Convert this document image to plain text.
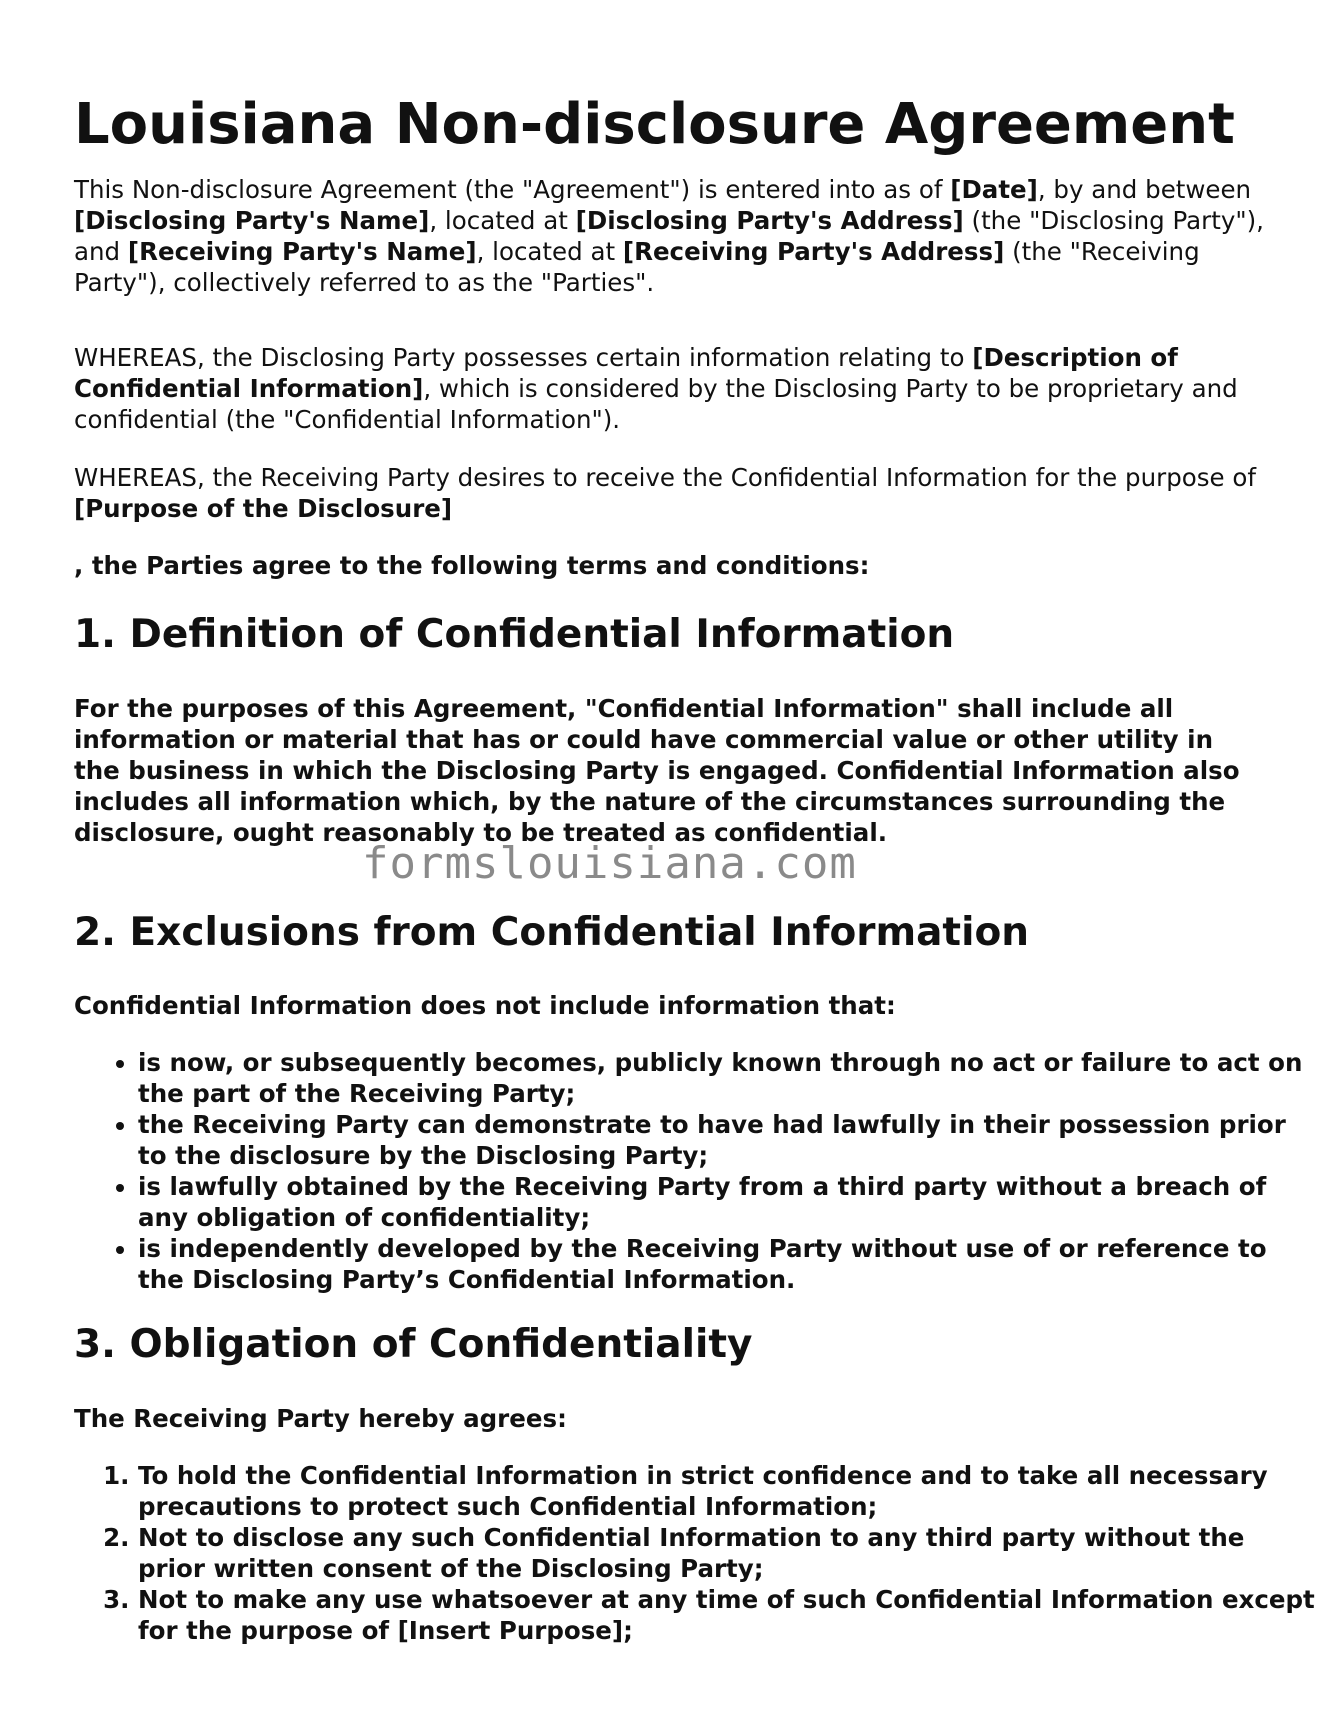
Louisiana Non-disclosure Agreement

This Non-disclosure Agreement (the "Agreement") is entered into as of [Date], by and between [Disclosing Party's Name], located at [Disclosing Party's Address] (the "Disclosing Party"), and [Receiving Party's Name], located at [Receiving Party's Address] (the "Receiving Party"), collectively referred to as the "Parties".

WHEREAS, the Disclosing Party possesses certain information relating to [Description of Confidential Information], which is considered by the Disclosing Party to be proprietary and confidential (the "Confidential Information").

WHEREAS, the Receiving Party desires to receive the Confidential Information for the purpose of [Purpose of the Disclosure]

, the Parties agree to the following terms and conditions:

1. Definition of Confidential Information

For the purposes of this Agreement, "Confidential Information" shall include all information or material that has or could have commercial value or other utility in the business in which the Disclosing Party is engaged. Confidential Information also includes all information which, by the nature of the circumstances surrounding the disclosure, ought reasonably to be treated as confidential.

2. Exclusions from Confidential Information

Confidential Information does not include information that:

• is now, or subsequently becomes, publicly known through no act or failure to act on the part of the Receiving Party;
• the Receiving Party can demonstrate to have had lawfully in their possession prior to the disclosure by the Disclosing Party;
• is lawfully obtained by the Receiving Party from a third party without a breach of any obligation of confidentiality;
• is independently developed by the Receiving Party without use of or reference to the Disclosing Party’s Confidential Information.
3. Obligation of Confidentiality

The Receiving Party hereby agrees:

1. To hold the Confidential Information in strict confidence and to take all necessary precautions to protect such Confidential Information;
2. Not to disclose any such Confidential Information to any third party without the prior written consent of the Disclosing Party;
3. Not to make any use whatsoever at any time of such Confidential Information except for the purpose of [Insert Purpose];
formslouisiana.com
